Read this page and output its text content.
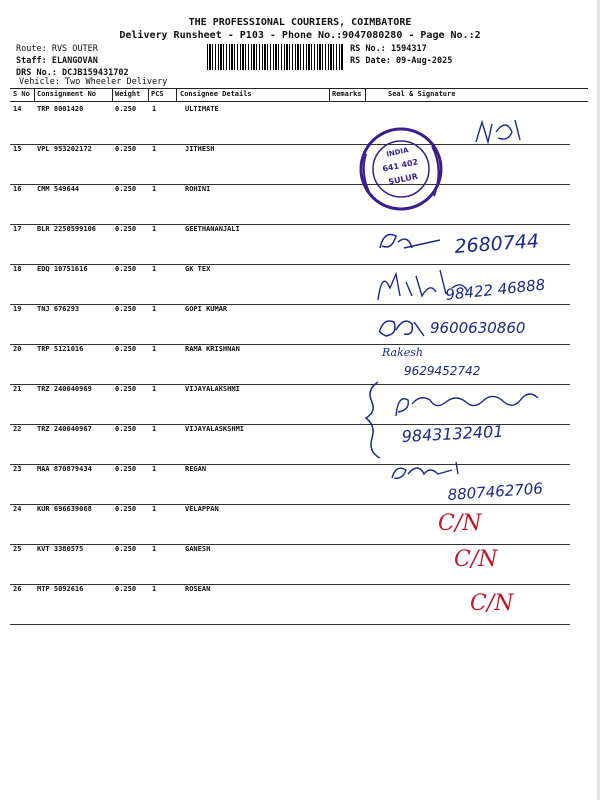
THE PROFESSIONAL COURIERS, COIMBATORE
Delivery Runsheet - P103 - Phone No.:9047080280 - Page No.:2
Route: RVS OUTER
Staff: ELANGOVAN
DRS No.: DCJB159431702
Vehicle: Two Wheeler Delivery
RS No.: 1594317
RS Date: 09-Aug-2025
S No Consignment No	Weight PCS Consignee Details	Remarks	Seal & Signature
14 TRP 8001420	0.250 1	ULTIMATE
15 VPL 953202172	0.250 1	JITHESH
16 CMM 549644	0.250 1	ROHINI
17 BLR 2250599106	0.250 1	GEETHANANJALI
18 EDQ 10751616	0.250 1	GK TEX
19 TNJ 676293	0.250 1	GOPI KUMAR
20 TRP 5121016	0.250 1	RAMA KRISHNAN
21 TRZ 240040969	0.250 1	VIJAYALAKSHMI
22 TRZ 240040967	0.250 1	VIJAYALASKSHMI
23 MAA 870879434	0.250 1	REGAN
24 KUR 696639068	0.250 1	VELAPPAN
25 KVT 3380575	0.250 1	GANESH
26 MTP 5092616	0.250 1	ROSEAN
INDIA
641 402
SULUR
2680744
98422 46888
9600630860
Rakesh
9629452742
9843132401
8807462706
C/N
C/N
C/N
